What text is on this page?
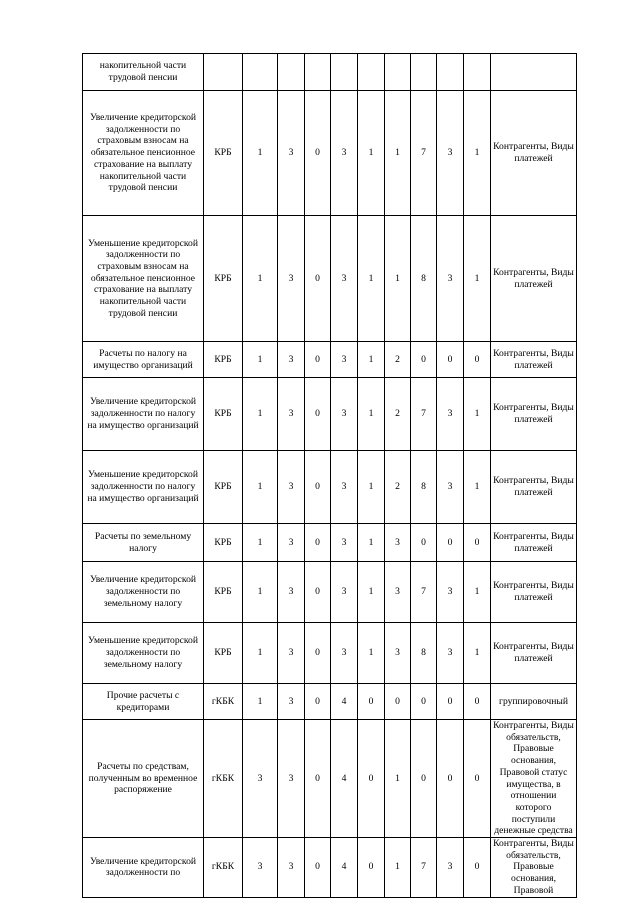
накопительной части трудовой пенсии											
Увеличение кредиторской задолженности по страховым взносам на обязательное пенсионное страхование на выплату накопительной части трудовой пенсии	КРБ	1	3	0	3	1	1	7	3	1	Контрагенты, Виды платежей
Уменьшение кредиторской задолженности по страховым взносам на обязательное пенсионное страхование на выплату накопительной части трудовой пенсии	КРБ	1	3	0	3	1	1	8	3	1	Контрагенты, Виды платежей
Расчеты по налогу на имущество организаций	КРБ	1	3	0	3	1	2	0	0	0	Контрагенты, Виды платежей
Увеличение кредиторской задолженности по налогу на имущество организаций	КРБ	1	3	0	3	1	2	7	3	1	Контрагенты, Виды платежей
Уменьшение кредиторской задолженности по налогу на имущество организаций	КРБ	1	3	0	3	1	2	8	3	1	Контрагенты, Виды платежей
Расчеты по земельному налогу	КРБ	1	3	0	3	1	3	0	0	0	Контрагенты, Виды платежей
Увеличение кредиторской задолженности по земельному налогу	КРБ	1	3	0	3	1	3	7	3	1	Контрагенты, Виды платежей
Уменьшение кредиторской задолженности по земельному налогу	КРБ	1	3	0	3	1	3	8	3	1	Контрагенты, Виды платежей
Прочие расчеты с кредиторами	гКБК	1	3	0	4	0	0	0	0	0	группировочный
Расчеты по средствам, полученным во временное распоряжение	гКБК	3	3	0	4	0	1	0	0	0	Контрагенты, Виды обязательств, Правовые основания, Правовой статус имущества, в отношении которого поступили денежные средства
Увеличение кредиторской задолженности по	гКБК	3	3	0	4	0	1	7	3	0	Контрагенты, Виды обязательств, Правовые основания, Правовой
